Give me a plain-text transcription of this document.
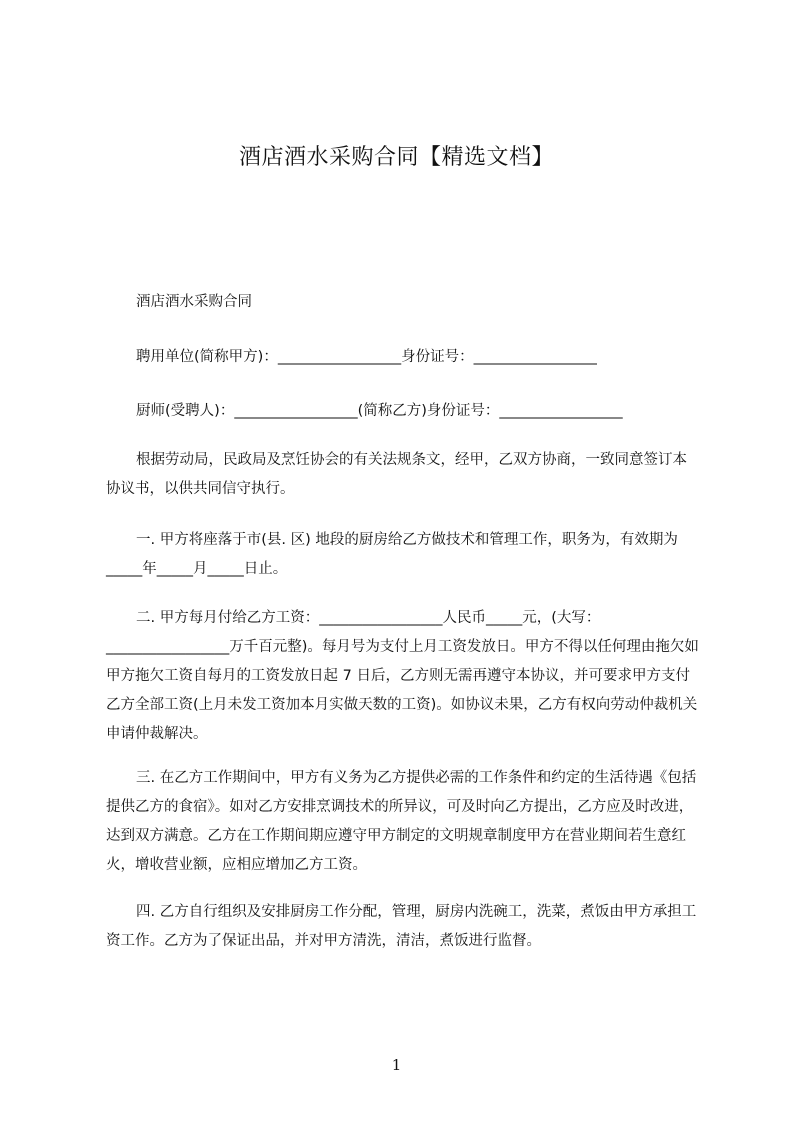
酒店酒水采购合同【精选文档】
酒店酒水采购合同
聘用单位(简称甲方)：_________________身份证号：_________________
厨师(受聘人)：_________________(简称乙方)身份证号：_________________

根据劳动局，民政局及烹饪协会的有关法规条文，经甲，乙双方协商，一致同意签订本协议书，以供共同信守执行。

一. 甲方将座落于市(县. 区) 地段的厨房给乙方做技术和管理工作，职务为，有效期为_____年_____月_____日止。

二. 甲方每月付给乙方工资：_________________人民币_____元，(大写：_________________万千百元整)。每月号为支付上月工资发放日。甲方不得以任何理由拖欠如甲方拖欠工资自每月的工资发放日起 7 日后，乙方则无需再遵守本协议，并可要求甲方支付乙方全部工资(上月未发工资加本月实做天数的工资)。如协议未果，乙方有权向劳动仲裁机关申请仲裁解决。

三. 在乙方工作期间中，甲方有义务为乙方提供必需的工作条件和约定的生活待遇《包括提供乙方的食宿》。如对乙方安排烹调技术的所异议，可及时向乙方提出，乙方应及时改进，达到双方满意。乙方在工作期间期应遵守甲方制定的文明规章制度甲方在营业期间若生意红火，增收营业额，应相应增加乙方工资。

四. 乙方自行组织及安排厨房工作分配，管理，厨房内洗碗工，洗菜，煮饭由甲方承担工资工作。乙方为了保证出品，并对甲方清洗，清洁，煮饭进行监督。

1
